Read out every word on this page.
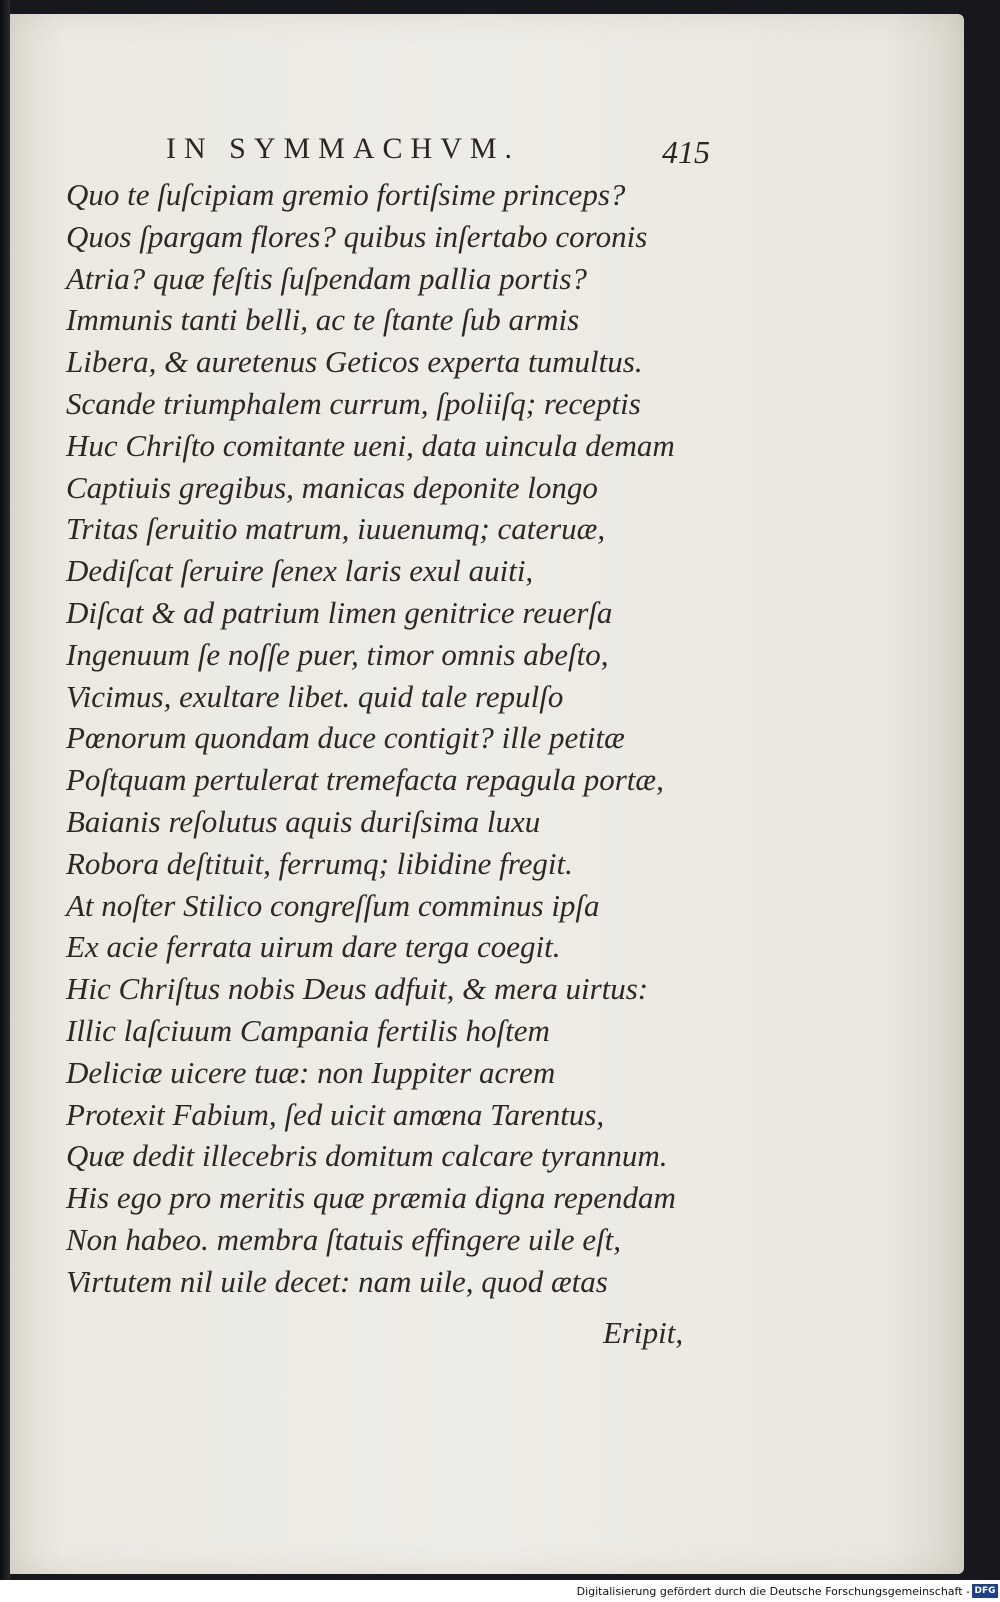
IN SYMMACHVM.	415
Quo te ſuſcipiam gremio fortiſsime princeps?
Quos ſpargam flores? quibus inſertabo coronis
Atria? quæ feſtis ſuſpendam pallia portis?
Immunis tanti belli, ac te ſtante ſub armis
Libera, & auretenus Geticos experta tumultus.
Scande triumphalem currum, ſpoliiſq; receptis
Huc Chriſto comitante ueni, data uincula demam
Captiuis gregibus, manicas deponite longo
Tritas ſeruitio matrum, iuuenumq; cateruæ,
Dediſcat ſeruire ſenex laris exul auiti,
Diſcat & ad patrium limen genitrice reuerſa
Ingenuum ſe noſſe puer, timor omnis abeſto,
Vicimus, exultare libet. quid tale repulſo
Pœnorum quondam duce contigit? ille petitæ
Poſtquam pertulerat tremefacta repagula portæ,
Baianis reſolutus aquis duriſsima luxu
Robora deſtituit, ferrumq; libidine fregit.
At noſter Stilico congreſſum comminus ipſa
Ex acie ferrata uirum dare terga coegit.
Hic Chriſtus nobis Deus adfuit, & mera uirtus:
Illic laſciuum Campania fertilis hoſtem
Deliciæ uicere tuæ: non Iuppiter acrem
Protexit Fabium, ſed uicit amœna Tarentus,
Quæ dedit illecebris domitum calcare tyrannum.
His ego pro meritis quæ præmia digna rependam
Non habeo. membra ſtatuis effingere uile eſt,
Virtutem nil uile decet: nam uile, quod ætas
Eripit,
Digitalisierung gefördert durch die Deutsche Forschungsgemeinschaft - DFG
